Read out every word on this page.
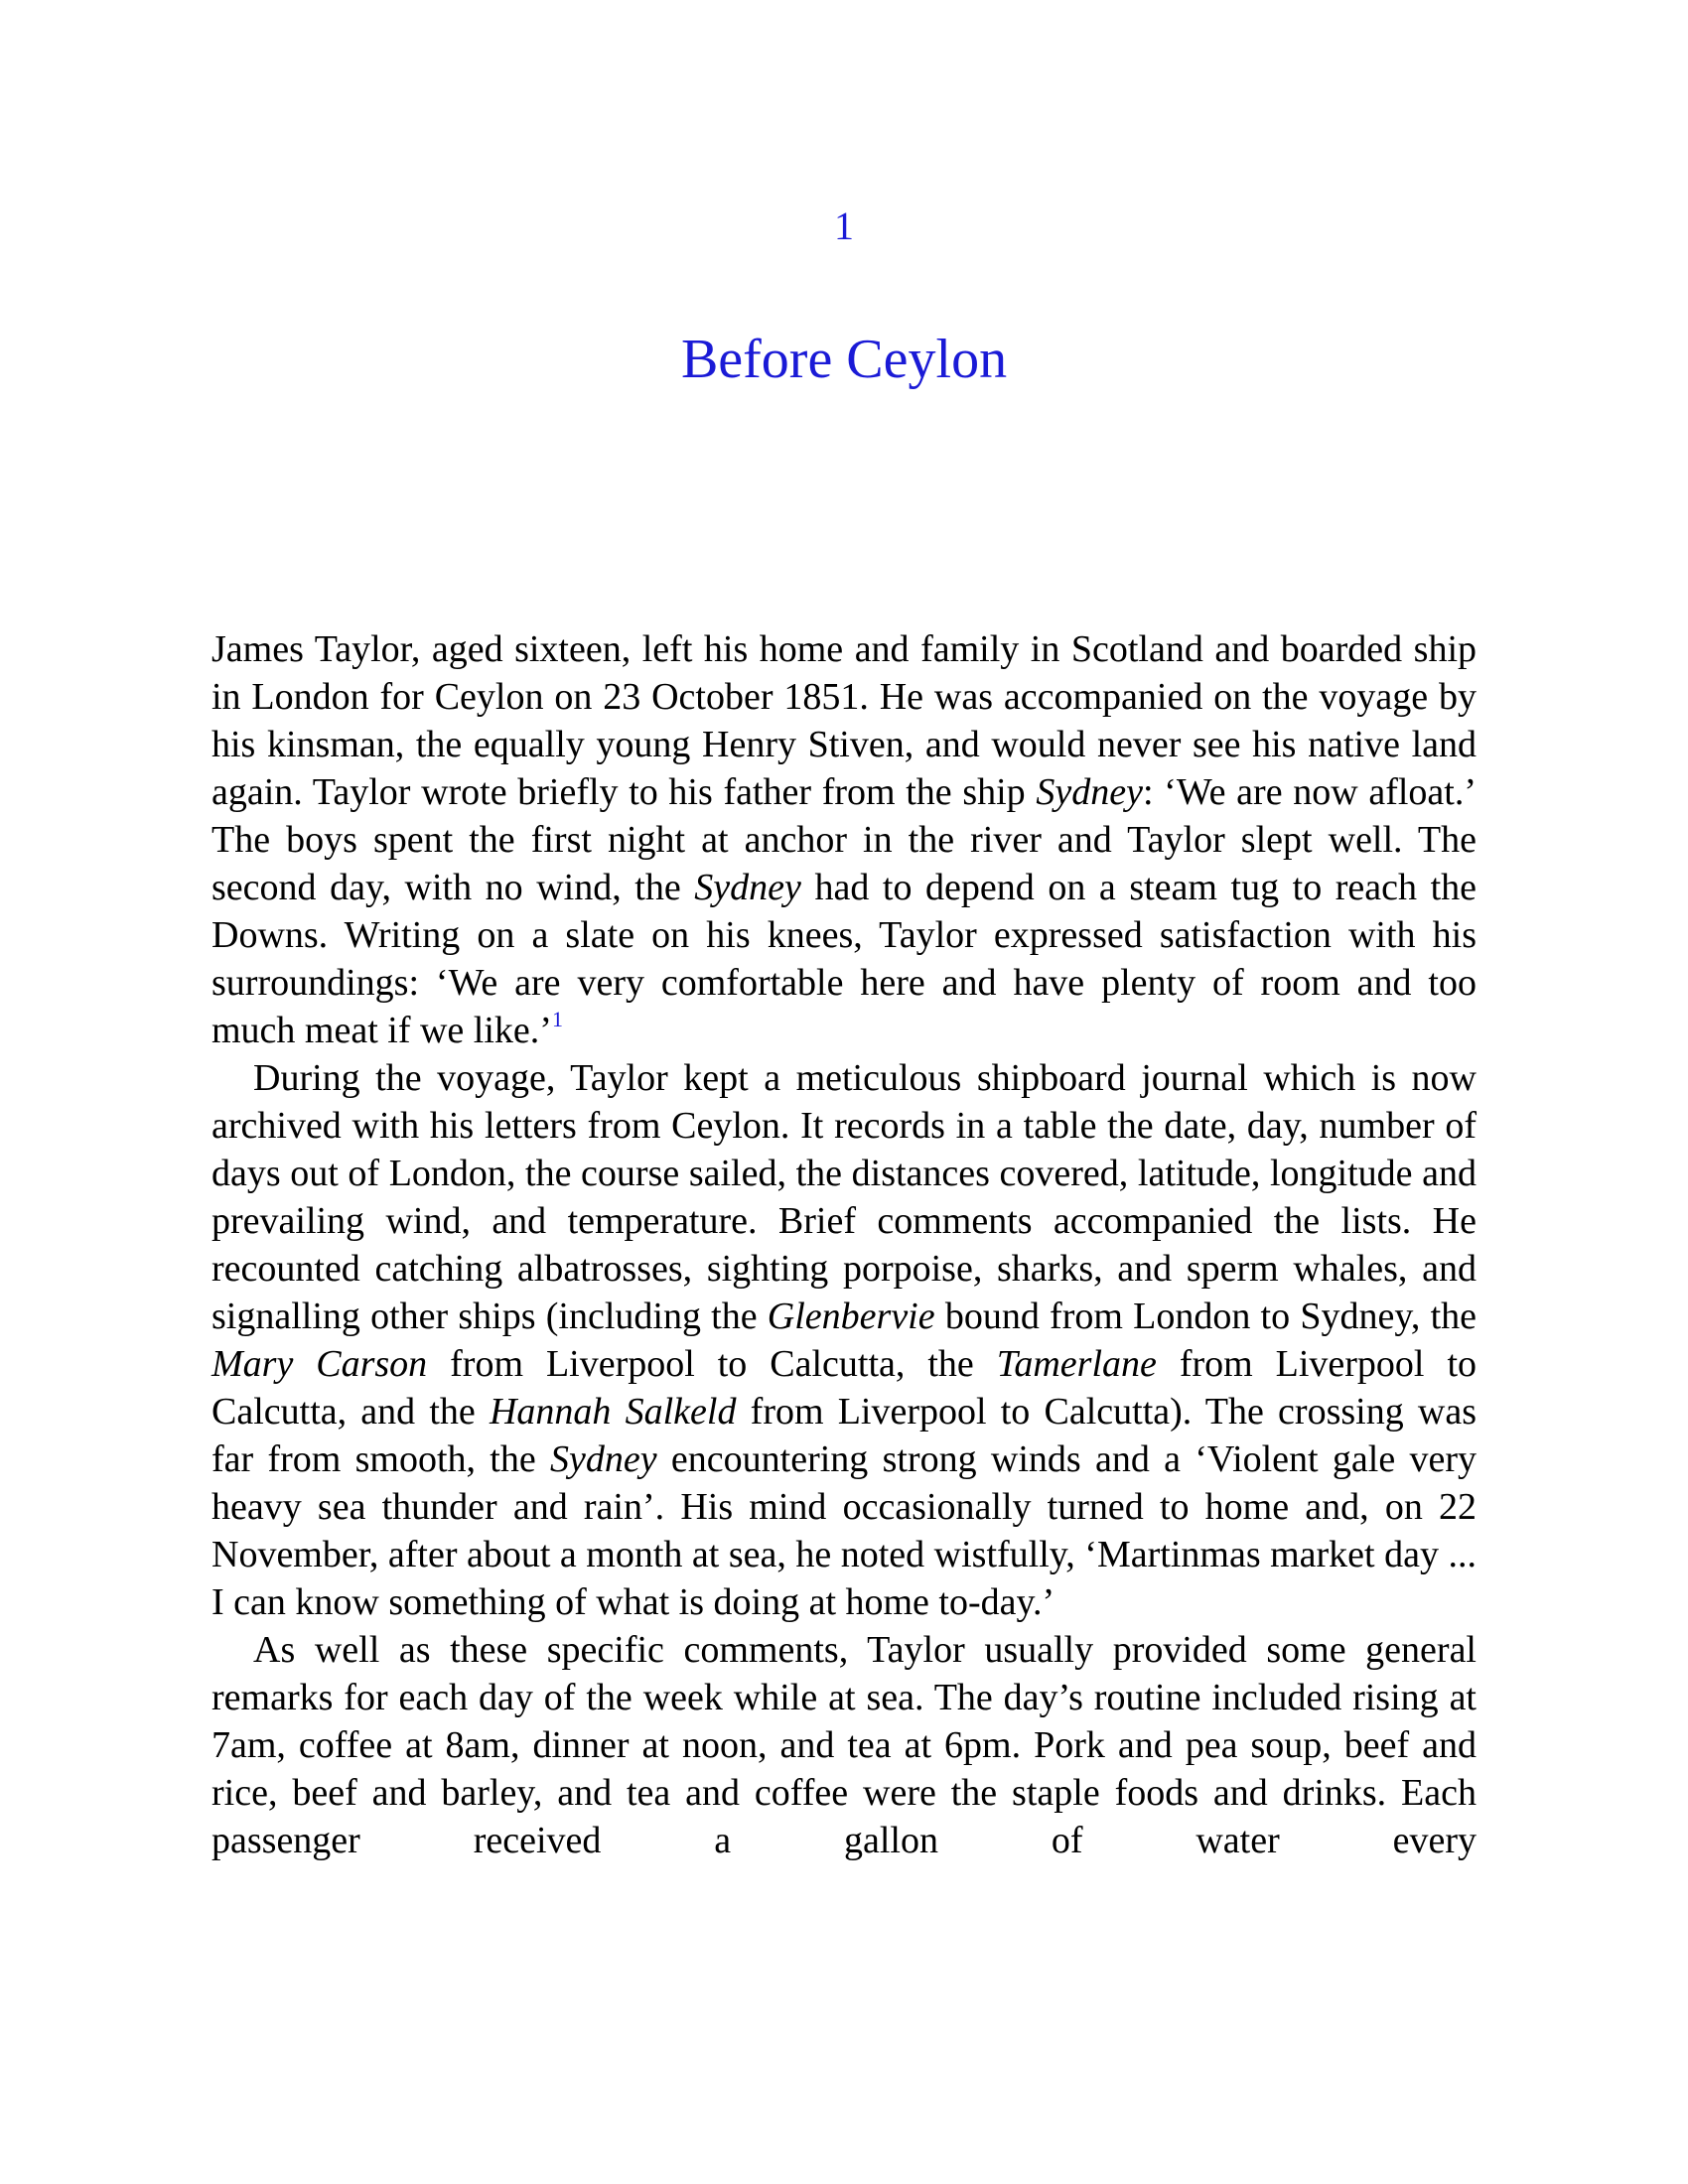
1
Before Ceylon

James Taylor, aged sixteen, left his home and family in Scotland and boarded ship in London for Ceylon on 23 October 1851. He was accompanied on the voyage by his kinsman, the equally young Henry Stiven, and would never see his native land again. Taylor wrote briefly to his father from the ship Sydney: ‘We are now afloat.’ The boys spent the first night at anchor in the river and Taylor slept well. The second day, with no wind, the Sydney had to depend on a steam tug to reach the Downs. Writing on a slate on his knees, Taylor expressed satisfaction with his surroundings: ‘We are very comfortable here and have plenty of room and too much meat if we like.’$^1$

During the voyage, Taylor kept a meticulous shipboard journal which is now archived with his letters from Ceylon. It records in a table the date, day, number of days out of London, the course sailed, the distances covered, latitude, longitude and prevailing wind, and temperature. Brief comments accompanied the lists. He recounted catching albatrosses, sighting porpoise, sharks, and sperm whales, and signalling other ships (including the Glenbervie bound from London to Sydney, the Mary Carson from Liverpool to Calcutta, the Tamerlane from Liverpool to Calcutta, and the Hannah Salkeld from Liverpool to Calcutta). The crossing was far from smooth, the Sydney encountering strong winds and a ‘Violent gale very heavy sea thunder and rain’. His mind occasionally turned to home and, on 22 November, after about a month at sea, he noted wistfully, ‘Martinmas market day ... I can know something of what is doing at home to-day.’

As well as these specific comments, Taylor usually provided some general remarks for each day of the week while at sea. The day’s routine included rising at 7am, coffee at 8am, dinner at noon, and tea at 6pm. Pork and pea soup, beef and rice, beef and barley, and tea and coffee were the staple foods and drinks. Each passenger received a gallon of water every
